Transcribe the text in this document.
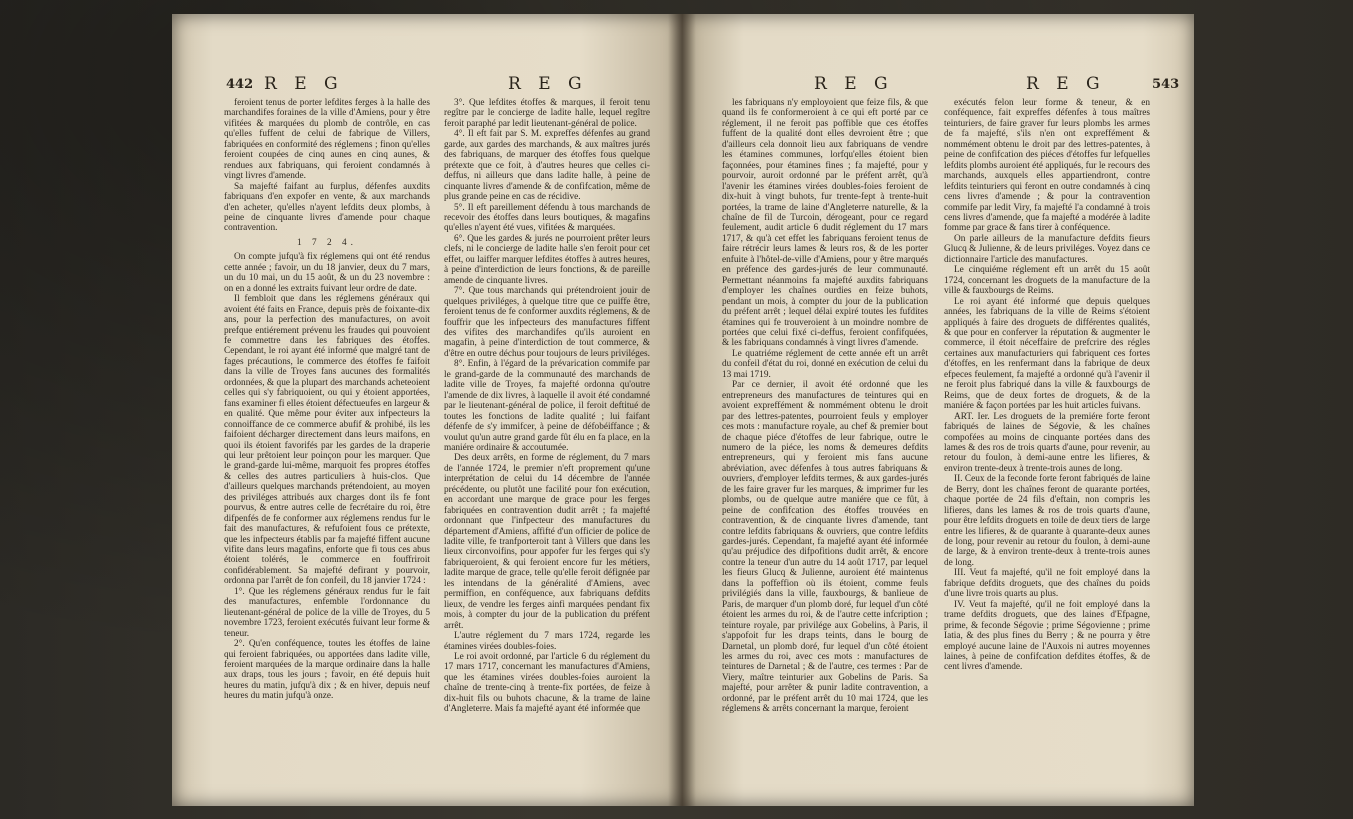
442 R E G	R E G

feroient tenus de porter lefdites ferges à la halle des marchandifes foraines de la ville d'Amiens, pour y être vifitées & marquées du plomb de contrôle, en cas qu'elles fuffent de celui de fabrique de Villers, fabriquées en conformité des réglemens ; finon qu'elles feroient coupées de cinq aunes en cinq aunes, & rendues aux fabriquans, qui feroient condamnés à vingt livres d'amende.

Sa majefté faifant au furplus, défenfes auxdits fabriquans d'en expofer en vente, & aux marchands d'en acheter, qu'elles n'ayent lefdits deux plombs, à peine de cinquante livres d'amende pour chaque contravention.

1 7 2 4.

On compte jufqu'à fix réglemens qui ont été rendus cette année ; favoir, un du 18 janvier, deux du 7 mars, un du 10 mai, un du 15 août, & un du 23 novembre : on en a donné les extraits fuivant leur ordre de date.

Il fembloit que dans les réglemens généraux qui avoient été faits en France, depuis près de foixante-dix ans, pour la perfection des manufactures, on avoit prefque entiérement prévenu les fraudes qui pouvoient fe commettre dans les fabriques des étoffes. Cependant, le roi ayant été informé que malgré tant de fages précautions, le commerce des étoffes fe faifoit dans la ville de Troyes fans aucunes des formalités ordonnées, & que la plupart des marchands acheteoient celles qui s'y fabriquoient, ou qui y étoient apportées, fans examiner fi elles étoient défectueufes en largeur & en qualité. Que même pour éviter aux infpecteurs la connoiffance de ce commerce abufif & prohibé, ils les faifoient décharger directement dans leurs maifons, en quoi ils étoient favorifés par les gardes de la draperie qui leur prêtoient leur poinçon pour les marquer. Que le grand-garde lui-même, marquoit fes propres étoffes & celles des autres particuliers à huis-clos. Que d'ailleurs quelques marchands prétendoient, au moyen des priviléges attribués aux charges dont ils fe font pourvus, & entre autres celle de fecrétaire du roi, être difpenfés de fe conformer aux réglemens rendus fur le fait des manufactures, & refufoient fous ce prétexte, que les infpecteurs établis par fa majefté fiffent aucune vifite dans leurs magafins, enforte que fi tous ces abus étoient tolérés, le commerce en fouffriroit confidérablement. Sa majefté defirant y pourvoir, ordonna par l'arrêt de fon confeil, du 18 janvier 1724 :

1°. Que les réglemens généraux rendus fur le fait des manufactures, enfemble l'ordonnance du lieutenant-général de police de la ville de Troyes, du 5 novembre 1723, feroient exécutés fuivant leur forme & teneur.

2°. Qu'en conféquence, toutes les étoffes de laine qui feroient fabriquées, ou apportées dans ladite ville, feroient marquées de la marque ordinaire dans la halle aux draps, tous les jours ; favoir, en été depuis huit heures du matin, jufqu'à dix ; & en hiver, depuis neuf heures du matin jufqu'à onze.

3°. Que lefdites étoffes & marques, il feroit tenu regître par le concierge de ladite halle, lequel regître feroit paraphé par ledit lieutenant-général de police.

4°. Il eft fait par S. M. expreffes défenfes au grand garde, aux gardes des marchands, & aux maîtres jurés des fabriquans, de marquer des étoffes fous quelque prétexte que ce foit, à d'autres heures que celles ci-deffus, ni ailleurs que dans ladite halle, à peine de cinquante livres d'amende & de confifcation, même de plus grande peine en cas de récidive.

5°. Il eft pareillement défendu à tous marchands de recevoir des étoffes dans leurs boutiques, & magafins qu'elles n'ayent été vues, vifitées & marquées.

6°. Que les gardes & jurés ne pourroient prêter leurs clefs, ni le concierge de ladite halle s'en feroit pour cet effet, ou laiffer marquer lefdites étoffes à autres heures, à peine d'interdiction de leurs fonctions, & de pareille amende de cinquante livres.

7°. Que tous marchands qui prétendroient jouir de quelques priviléges, à quelque titre que ce puiffe être, feroient tenus de fe conformer auxdits réglemens, & de fouffrir que les infpecteurs des manufactures fiffent des vifites des marchandifes qu'ils auroient en magafin, à peine d'interdiction de tout commerce, & d'être en outre déchus pour toujours de leurs priviléges.

8°. Enfin, à l'égard de la prévarication commife par le grand-garde de la communauté des marchands de ladite ville de Troyes, fa majefté ordonna qu'outre l'amende de dix livres, à laquelle il avoit été condamné par le lieutenant-général de police, il feroit deftitué de toutes les fonctions de ladite qualité ; lui faifant défenfe de s'y immifcer, à peine de défobéiffance ; & voulut qu'un autre grand garde fût élu en fa place, en la maniére ordinaire & accoutumée.

Des deux arrêts, en forme de réglement, du 7 mars de l'année 1724, le premier n'eft proprement qu'une interprétation de celui du 14 décembre de l'année précédente, ou plutôt une facilité pour fon exécution, en accordant une marque de grace pour les ferges fabriquées en contravention dudit arrêt ; fa majefté ordonnant que l'infpecteur des manufactures du département d'Amiens, affifté d'un officier de police de ladite ville, fe tranfporteroit tant à Villers que dans les lieux circonvoifins, pour appofer fur les ferges qui s'y fabriqueroient, & qui feroient encore fur les métiers, ladite marque de grace, telle qu'elle feroit défignée par les intendans de la généralité d'Amiens, avec permiffion, en conféquence, aux fabriquans defdits lieux, de vendre les ferges ainfi marquées pendant fix mois, à compter du jour de la publication du préfent arrêt.

L'autre réglement du 7 mars 1724, regarde les étamines virées doubles-foies.

Le roi avoit ordonné, par l'article 6 du réglement du 17 mars 1717, concernant les manufactures d'Amiens, que les étamines virées doubles-foies auroient la chaîne de trente-cinq à trente-fix portées, de feize à dix-huit fils ou buhots chacune, & la trame de laine d'Angleterre. Mais fa majefté ayant été informée que

R E G	R E G	543

les fabriquans n'y employoient que feize fils, & que quand ils fe conformeroient à ce qui eft porté par ce réglement, il ne feroit pas poffible que ces étoffes fuffent de la qualité dont elles devroient être ; que d'ailleurs cela donnoit lieu aux fabriquans de vendre les étamines communes, lorfqu'elles étoient bien façonnées, pour étamines fines ; fa majefté, pour y pourvoir, auroit ordonné par le préfent arrêt, qu'à l'avenir les étamines virées doubles-foies feroient de dix-huit à vingt buhots, fur trente-fept à trente-huit portées, la trame de laine d'Angleterre naturelle, & la chaîne de fil de Turcoin, dérogeant, pour ce regard feulement, audit article 6 dudit réglement du 17 mars 1717, & qu'à cet effet les fabriquans feroient tenus de faire rétrécir leurs lames & leurs ros, & de les porter enfuite à l'hôtel-de-ville d'Amiens, pour y être marqués en préfence des gardes-jurés de leur communauté. Permettant néanmoins fa majefté auxdits fabriquans d'employer les chaînes ourdies en feize buhots, pendant un mois, à compter du jour de la publication du préfent arrêt ; lequel délai expiré toutes les fufdites étamines qui fe trouveroient à un moindre nombre de portées que celui fixé ci-deffus, feroient confifquées, & les fabriquans condamnés à vingt livres d'amende.

Le quatriéme réglement de cette année eft un arrêt du confeil d'état du roi, donné en exécution de celui du 13 mai 1719.

Par ce dernier, il avoit été ordonné que les entrepreneurs des manufactures de teintures qui en avoient expreffément & nommément obtenu le droit par des lettres-patentes, pourroient feuls y employer ces mots : manufacture royale, au chef & premier bout de chaque piéce d'étoffes de leur fabrique, outre le numero de la piéce, les noms & demeures defdits entrepreneurs, qui y feroient mis fans aucune abréviation, avec défenfes à tous autres fabriquans & ouvriers, d'employer lefdits termes, & aux gardes-jurés de les faire graver fur les marques, & imprimer fur les plombs, ou de quelque autre maniére que ce fût, à peine de confifcation des étoffes trouvées en contravention, & de cinquante livres d'amende, tant contre lefdits fabriquans & ouvriers, que contre lefdits gardes-jurés. Cependant, fa majefté ayant été informée qu'au préjudice des difpofitions dudit arrêt, & encore contre la teneur d'un autre du 14 août 1717, par lequel les fieurs Glucq & Julienne, auroient été maintenus dans la poffeffion où ils étoient, comme feuls privilégiés dans la ville, fauxbourgs, & banlieue de Paris, de marquer d'un plomb doré, fur lequel d'un côté étoient les armes du roi, & de l'autre cette infcription ; teinture royale, par privilége aux Gobelins, à Paris, il s'appofoit fur les draps teints, dans le bourg de Darnetal, un plomb doré, fur lequel d'un côté étoient les armes du roi, avec ces mots : manufactures de teintures de Darnetal ; & de l'autre, ces termes : Par de Viery, maître teinturier aux Gobelins de Paris. Sa majefté, pour arrêter & punir ladite contravention, a ordonné, par le préfent arrêt du 10 mai 1724, que les réglemens & arrêts concernant la marque, feroient

exécutés felon leur forme & teneur, & en conféquence, fait expreffes défenfes à tous maîtres teinturiers, de faire graver fur leurs plombs les armes de fa majefté, s'ils n'en ont expreffément & nommément obtenu le droit par des lettres-patentes, à peine de confifcation des piéces d'étoffes fur lefquelles lefdits plombs auroient été appliqués, fur le recours des marchands, auxquels elles appartiendront, contre lefdits teinturiers qui feront en outre condamnés à cinq cens livres d'amende ; & pour la contravention commife par ledit Viry, fa majefté l'a condamné à trois cens livres d'amende, que fa majefté a modérée à ladite fomme par grace & fans tirer à conféquence.

On parle ailleurs de la manufacture defdits fieurs Glucq & Julienne, & de leurs priviléges. Voyez dans ce dictionnaire l'article des manufactures.

Le cinquiéme réglement eft un arrêt du 15 août 1724, concernant les droguets de la manufacture de la ville & fauxbourgs de Reims.

Le roi ayant été informé que depuis quelques années, les fabriquans de la ville de Reims s'étoient appliqués à faire des droguets de différentes qualités, & que pour en conferver la réputation & augmenter le commerce, il étoit néceffaire de prefcrire des régles certaines aux manufacturiers qui fabriquent ces fortes d'étoffes, en les renfermant dans la fabrique de deux efpeces feulement, fa majefté a ordonné qu'à l'avenir il ne feroit plus fabriqué dans la ville & fauxbourgs de Reims, que de deux fortes de droguets, & de la maniére & façon portées par les huit articles fuivans.

ART. Ier. Les droguets de la premiére forte feront fabriqués de laines de Ségovie, & les chaînes compofées au moins de cinquante portées dans des lames & des ros de trois quarts d'aune, pour revenir, au retour du foulon, à demi-aune entre les lifieres, & environ trente-deux à trente-trois aunes de long.

II. Ceux de la feconde forte feront fabriqués de laine de Berry, dont les chaînes feront de quarante portées, chaque portée de 24 fils d'eftain, non compris les lifieres, dans les lames & ros de trois quarts d'aune, pour être lefdits droguets en toile de deux tiers de large entre les lifieres, & de quarante à quarante-deux aunes de long, pour revenir au retour du foulon, à demi-aune de large, & à environ trente-deux à trente-trois aunes de long.

III. Veut fa majefté, qu'il ne foit employé dans la fabrique defdits droguets, que des chaînes du poids d'une livre trois quarts au plus.

IV. Veut fa majefté, qu'il ne foit employé dans la trame defdits droguets, que des laines d'Efpagne, prime, & feconde Ségovie ; prime Ségovienne ; prime Iatia, & des plus fines du Berry ; & ne pourra y être employé aucune laine de l'Auxois ni autres moyennes laines, à peine de confifcation defdites étoffes, & de cent livres d'amende.
